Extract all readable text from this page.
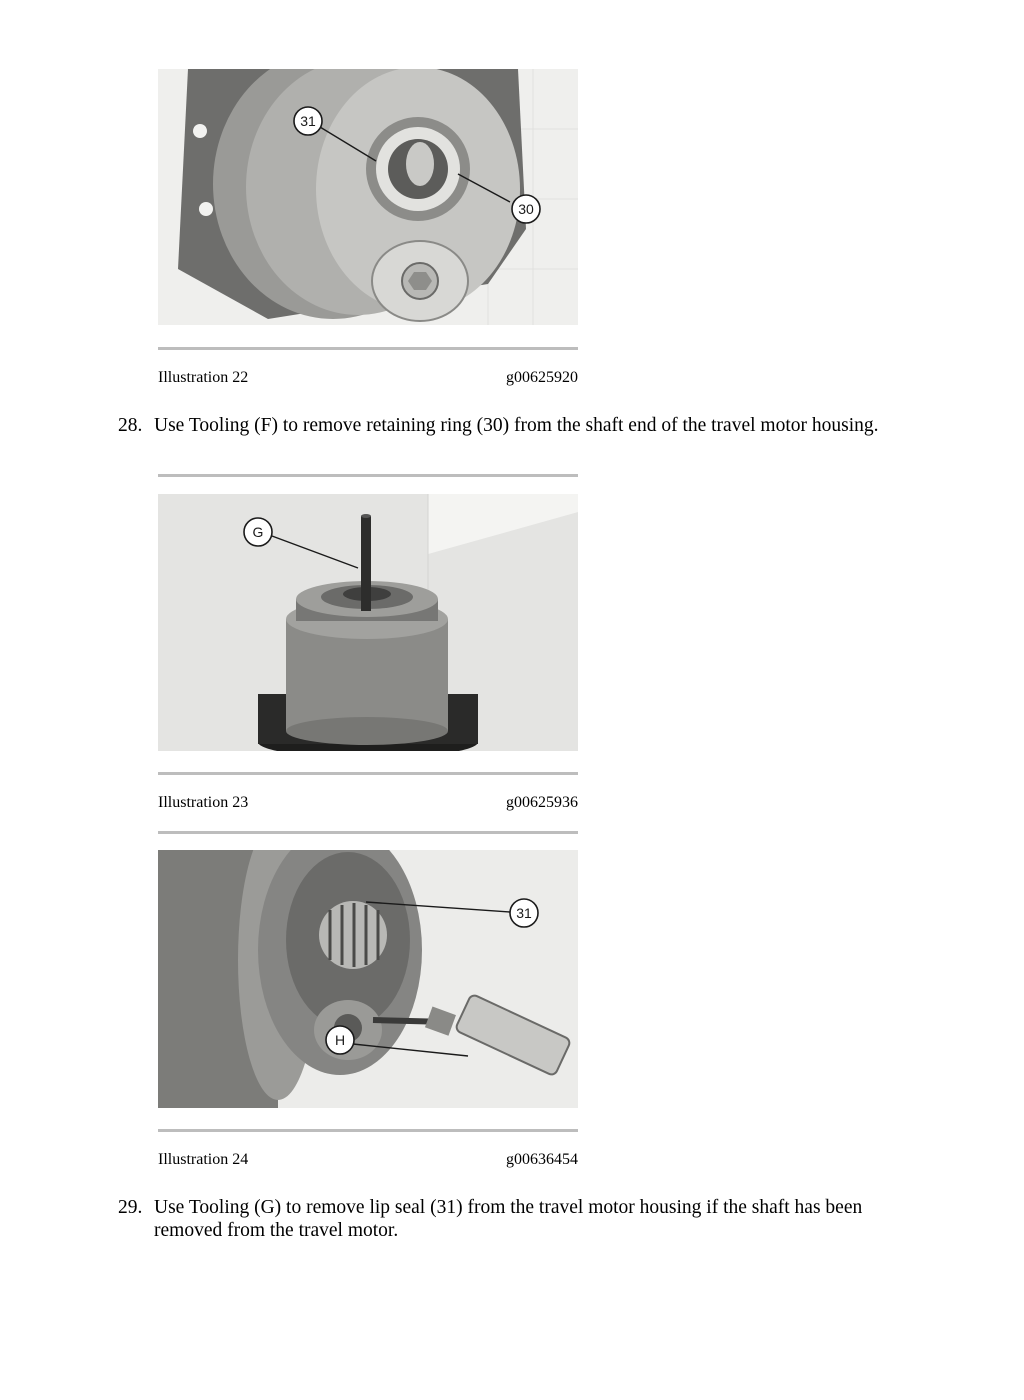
31
30
Illustration 22	g00625920
28. Use Tooling (F) to remove retaining ring (30) from the shaft end of the travel motor housing.
G
Illustration 23	g00625936
31
H
Illustration 24	g00636454
29. Use Tooling (G) to remove lip seal (31) from the travel motor housing if the shaft has been removed from the travel motor.
